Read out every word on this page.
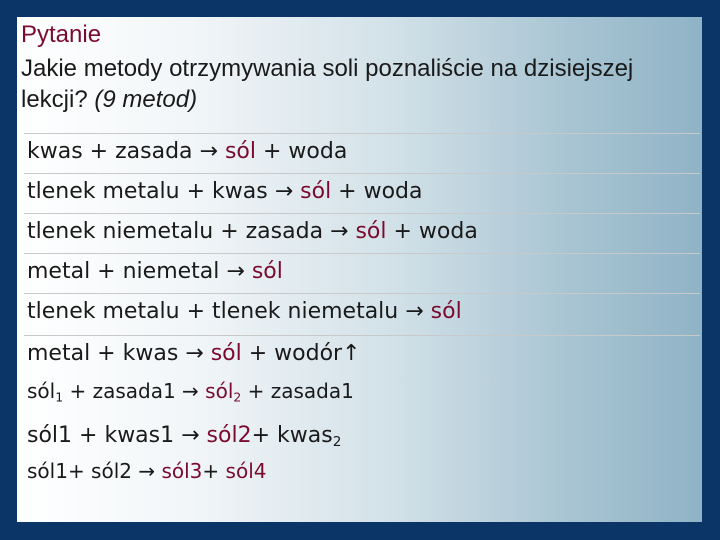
Pytanie
Jakie metody otrzymywania soli poznaliście na dzisiejszej lekcji? (9 metod)
kwas + zasada → sól + woda
tlenek metalu + kwas → sól + woda
tlenek niemetalu + zasada → sól + woda
metal + niemetal → sól
tlenek metalu + tlenek niemetalu → sól
metal + kwas → sól + wodór↑
sól$_1$ + zasada1 → sól$_2$ + zasada1
sól1 + kwas1 → sól2+ kwas$_2$
sól1+ sól2 → sól3+ sól4
